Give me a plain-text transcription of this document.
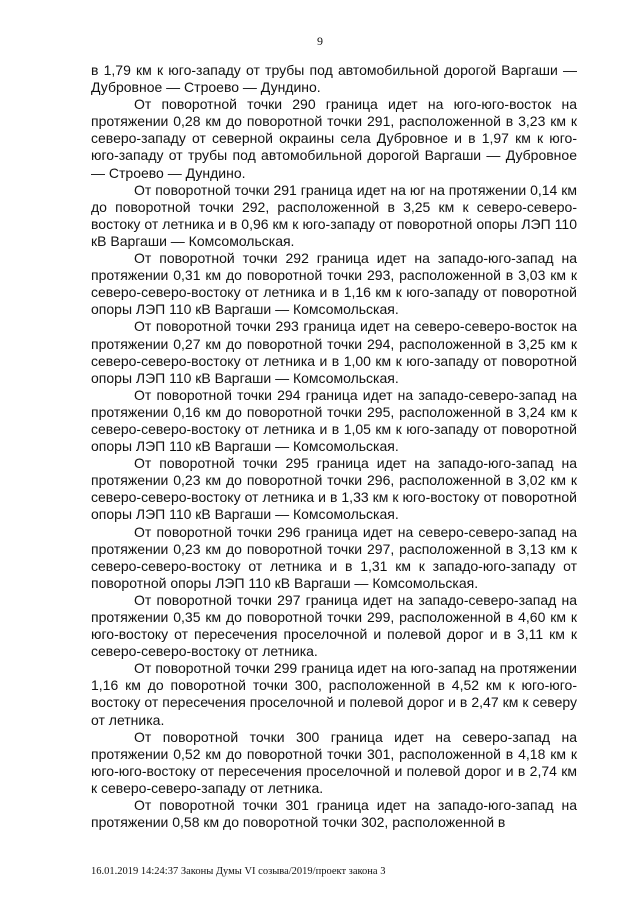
9

в 1,79 км к юго-западу от трубы под автомобильной дорогой Варгаши — Дубровное — Строево — Дундино.

От поворотной точки 290 граница идет на юго-юго-восток на протяжении 0,28 км до поворотной точки 291, расположенной в 3,23 км к северо-западу от северной окраины села Дубровное и в 1,97 км к юго-юго-западу от трубы под автомобильной дорогой Варгаши — Дубровное — Строево — Дундино.

От поворотной точки 291 граница идет на юг на протяжении 0,14 км до поворотной точки 292, расположенной в 3,25 км к северо-северо-востоку от летника и в 0,96 км к юго-западу от поворотной опоры ЛЭП 110 кВ Варгаши — Комсомольская.

От поворотной точки 292 граница идет на западо-юго-запад на протяжении 0,31 км до поворотной точки 293, расположенной в 3,03 км к северо-северо-востоку от летника и в 1,16 км к юго-западу от поворотной опоры ЛЭП 110 кВ Варгаши — Комсомольская.

От поворотной точки 293 граница идет на северо-северо-восток на протяжении 0,27 км до поворотной точки 294, расположенной в 3,25 км к северо-северо-востоку от летника и в 1,00 км к юго-западу от поворотной опоры ЛЭП 110 кВ Варгаши — Комсомольская.

От поворотной точки 294 граница идет на западо-северо-запад на протяжении 0,16 км до поворотной точки 295, расположенной в 3,24 км к северо-северо-востоку от летника и в 1,05 км к юго-западу от поворотной опоры ЛЭП 110 кВ Варгаши — Комсомольская.

От поворотной точки 295 граница идет на западо-юго-запад на протяжении 0,23 км до поворотной точки 296, расположенной в 3,02 км к северо-северо-востоку от летника и в 1,33 км к юго-востоку от поворотной опоры ЛЭП 110 кВ Варгаши — Комсомольская.

От поворотной точки 296 граница идет на северо-северо-запад на протяжении 0,23 км до поворотной точки 297, расположенной в 3,13 км к северо-северо-востоку от летника и в 1,31 км к западо-юго-западу от поворотной опоры ЛЭП 110 кВ Варгаши — Комсомольская.

От поворотной точки 297 граница идет на западо-северо-запад на протяжении 0,35 км до поворотной точки 299, расположенной в 4,60 км к юго-востоку от пересечения проселочной и полевой дорог и в 3,11 км к северо-северо-востоку от летника.

От поворотной точки 299 граница идет на юго-запад на протяжении 1,16 км до поворотной точки 300, расположенной в 4,52 км к юго-юго-востоку от пересечения проселочной и полевой дорог и в 2,47 км к северу от летника.

От поворотной точки 300 граница идет на северо-запад на протяжении 0,52 км до поворотной точки 301, расположенной в 4,18 км к юго-юго-востоку от пересечения проселочной и полевой дорог и в 2,74 км к северо-северо-западу от летника.

От поворотной точки 301 граница идет на западо-юго-запад на протяжении 0,58 км до поворотной точки 302, расположенной в

16.01.2019 14:24:37 Законы Думы VI созыва/2019/проект закона 3
